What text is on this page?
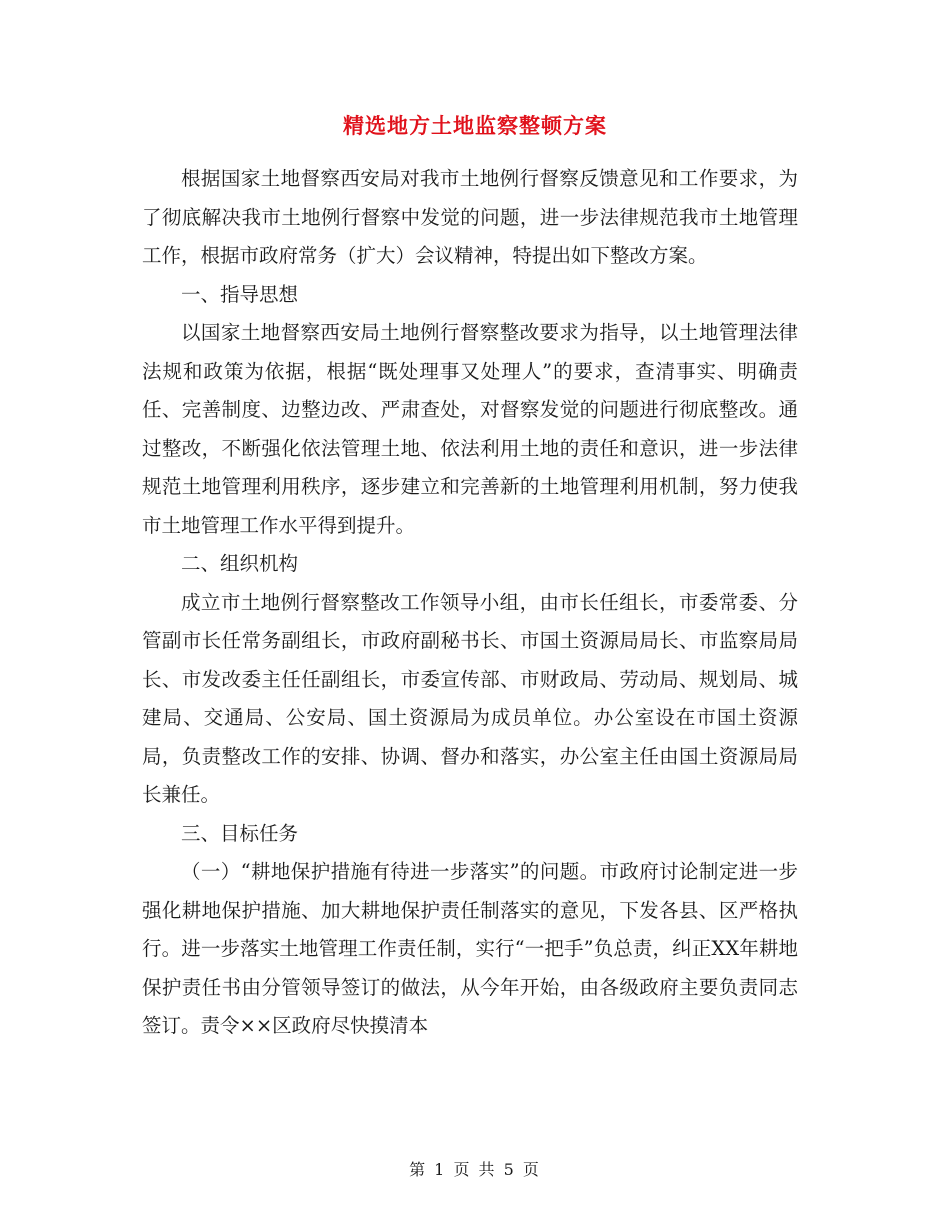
精选地方土地监察整顿方案

根据国家土地督察西安局对我市土地例行督察反馈意见和工作要求，为了彻底解决我市土地例行督察中发觉的问题，进一步法律规范我市土地管理工作，根据市政府常务（扩大）会议精神，特提出如下整改方案。

一、指导思想

以国家土地督察西安局土地例行督察整改要求为指导，以土地管理法律法规和政策为依据，根据“既处理事又处理人”的要求，查清事实、明确责任、完善制度、边整边改、严肃查处，对督察发觉的问题进行彻底整改。通过整改，不断强化依法管理土地、依法利用土地的责任和意识，进一步法律规范土地管理利用秩序，逐步建立和完善新的土地管理利用机制，努力使我市土地管理工作水平得到提升。

二、组织机构

成立市土地例行督察整改工作领导小组，由市长任组长，市委常委、分管副市长任常务副组长，市政府副秘书长、市国土资源局局长、市监察局局长、市发改委主任任副组长，市委宣传部、市财政局、劳动局、规划局、城建局、交通局、公安局、国土资源局为成员单位。办公室设在市国土资源局，负责整改工作的安排、协调、督办和落实，办公室主任由国土资源局局长兼任。

三、目标任务

（一）“耕地保护措施有待进一步落实”的问题。市政府讨论制定进一步强化耕地保护措施、加大耕地保护责任制落实的意见，下发各县、区严格执行。进一步落实土地管理工作责任制，实行“一把手”负总责，纠正XX年耕地保护责任书由分管领导签订的做法，从今年开始，由各级政府主要负责同志签订。责令××区政府尽快摸清本

第 1 页 共 5 页
